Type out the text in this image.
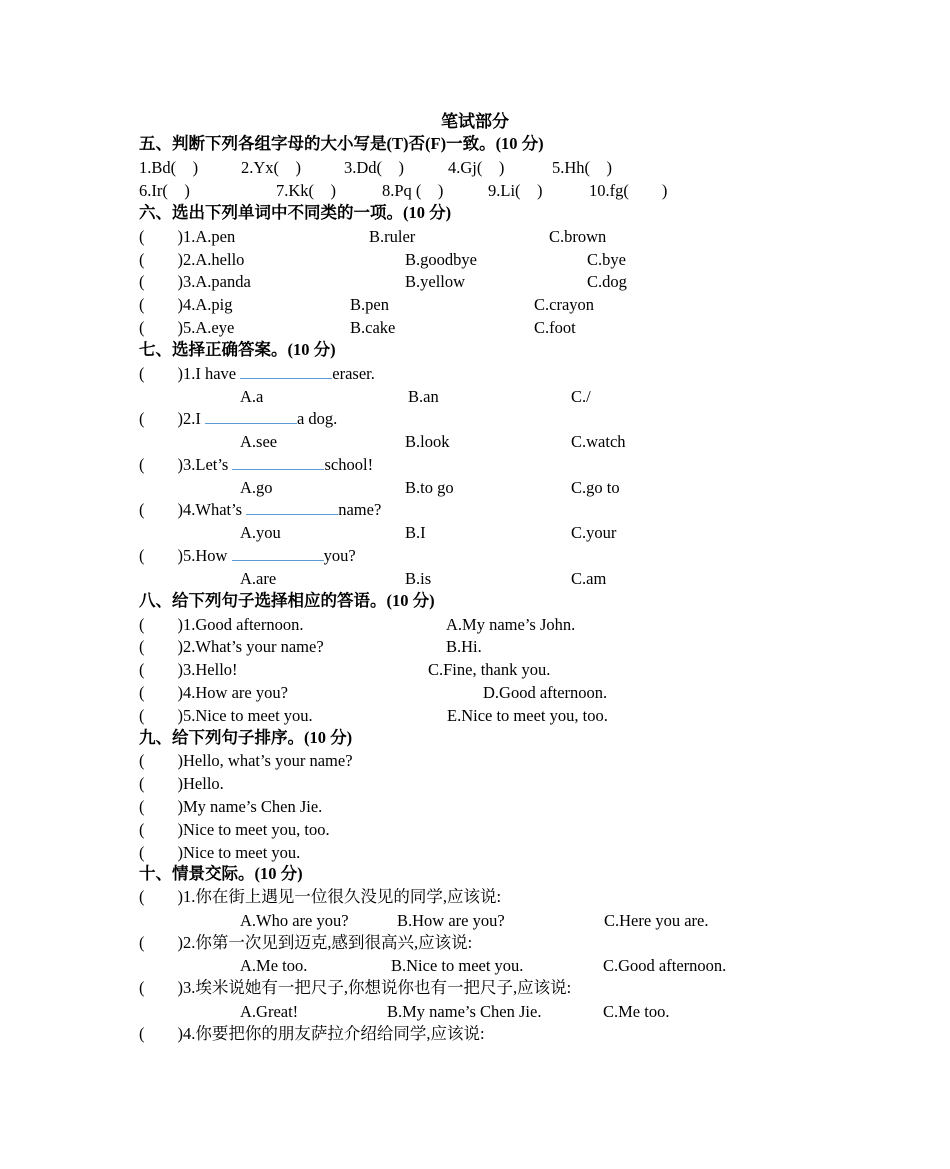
笔试部分
五、判断下列各组字母的大小写是(T)否(F)一致。(10 分)
1.Bd(    )	2.Yx(    )	3.Dd(    )	4.Gj(    )	5.Hh(    )
6.Ir(    )	7.Kk(    )	8.Pq (    )	9.Li(    )	10.fg(        )
六、选出下列单词中不同类的一项。(10 分)
(        )1.A.pen	B.ruler	C.brown
(        )2.A.hello	B.goodbye	C.bye
(        )3.A.panda	B.yellow	C.dog
(        )4.A.pig	B.pen	C.crayon
(        )5.A.eye	B.cake	C.foot
七、选择正确答案。(10 分)
(        )1.I have	eraser.
A.a	B.an	C./
(        )2.I	a dog.
A.see	B.look	C.watch
(        )3.Let’s	school!
A.go	B.to go	C.go to
(        )4.What’s	name?
A.you	B.I	C.your
(        )5.How	you?
A.are	B.is	C.am
八、给下列句子选择相应的答语。(10 分)
(        )1.Good afternoon.	A.My name’s John.
(        )2.What’s your name?	B.Hi.
(        )3.Hello!	C.Fine, thank you.
(        )4.How are you?	D.Good afternoon.
(        )5.Nice to meet you.	E.Nice to meet you, too.
九、给下列句子排序。(10 分)
(        )Hello, what’s your name?
(        )Hello.
(        )My name’s Chen Jie.
(        )Nice to meet you, too.
(        )Nice to meet you.
十、情景交际。(10 分)
(        )1.你在街上遇见一位很久没见的同学,应该说:
A.Who are you?	B.How are you?	C.Here you are.
(        )2.你第一次见到迈克,感到很高兴,应该说:
A.Me too.	B.Nice to meet you.	C.Good afternoon.
(        )3.埃米说她有一把尺子,你想说你也有一把尺子,应该说:
A.Great!	B.My name’s Chen Jie.	C.Me too.
(        )4.你要把你的朋友萨拉介绍给同学,应该说:
